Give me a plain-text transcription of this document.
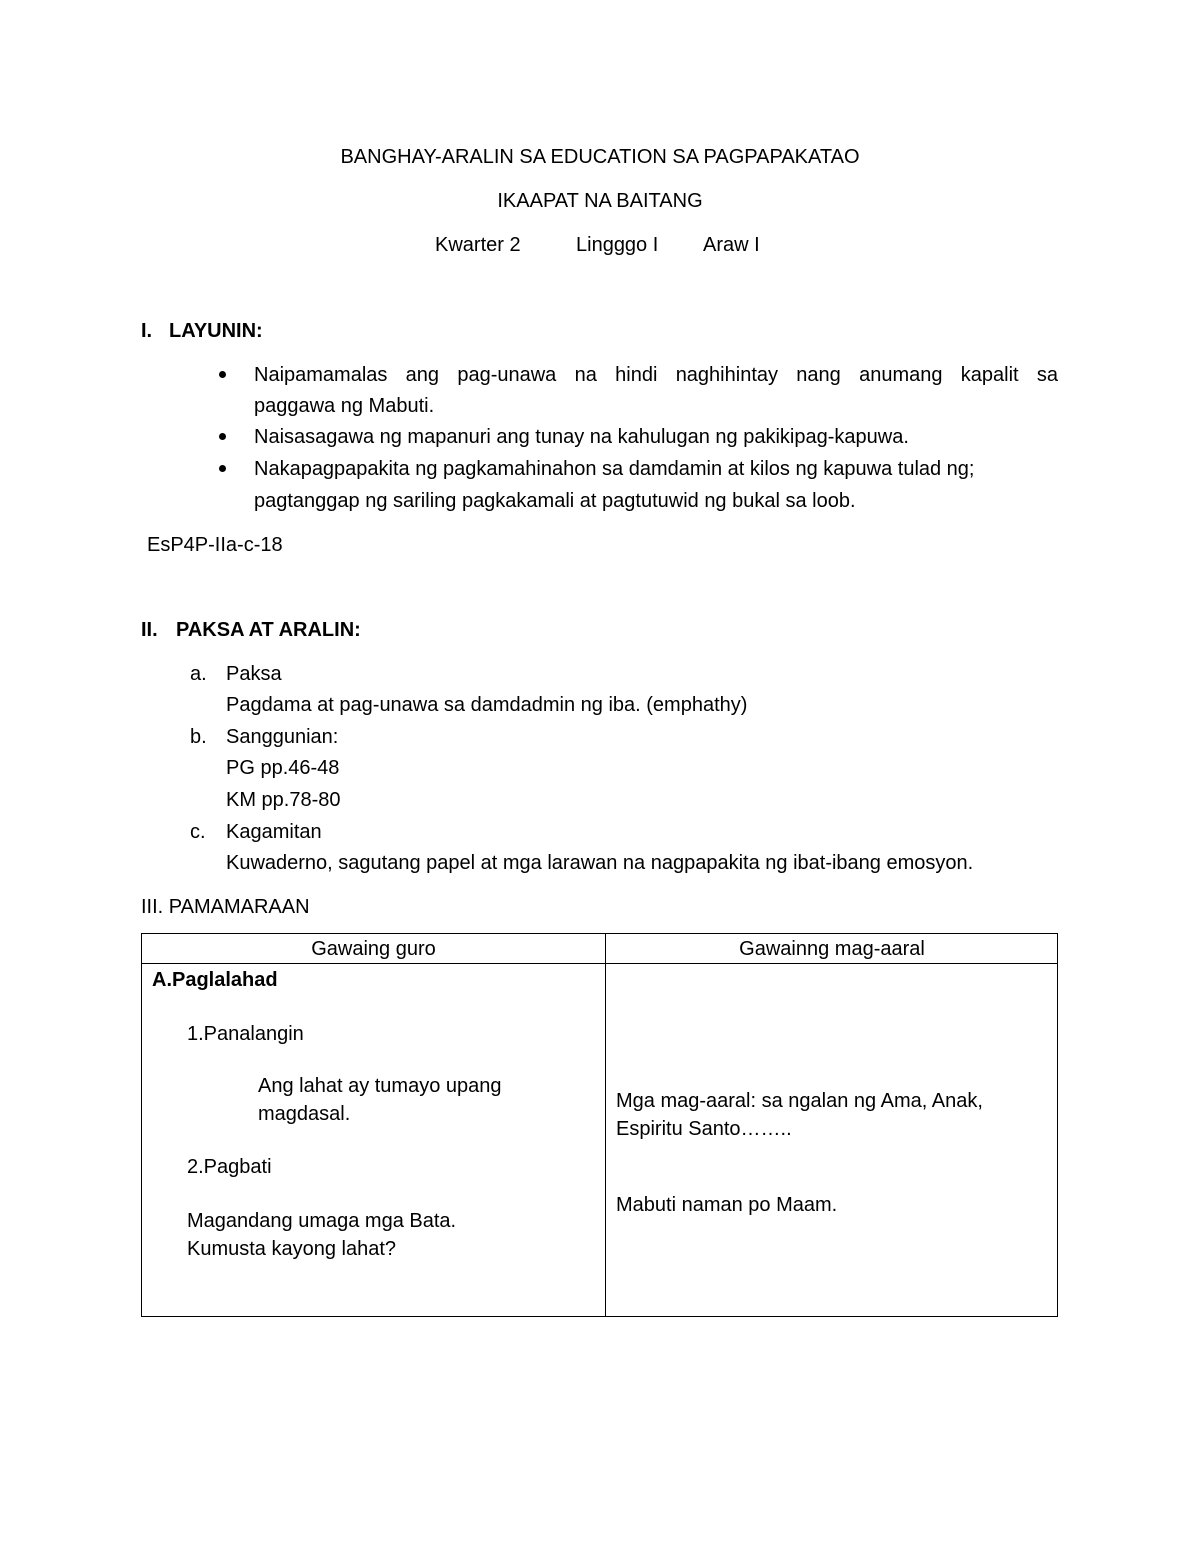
BANGHAY-ARALIN SA EDUCATION SA PAGPAPAKATAO
IKAAPAT NA BAITANG
Kwarter 2	Lingggo I Araw I
I. LAYUNIN:
Naipamamalas ang pag-unawa na hindi naghihintay nang anumang kapalit sa
paggawa ng Mabuti.
Naisasagawa ng mapanuri ang tunay na kahulugan ng pakikipag-kapuwa.
Nakapagpapakita ng pagkamahinahon sa damdamin at kilos ng kapuwa tulad ng;
pagtanggap ng sariling pagkakamali at pagtutuwid ng bukal sa loob.
EsP4P-IIa-c-18
II. PAKSA AT ARALIN:
a. Paksa
Pagdama at pag-unawa sa damdadmin ng iba. (emphathy)
b. Sanggunian:
PG pp.46-48
KM pp.78-80
c. Kagamitan
Kuwaderno, sagutang papel at mga larawan na nagpapakita ng ibat-ibang emosyon.
III. PAMAMARAAN
Gawaing guro	Gawainng mag-aaral
A.Paglalahad
1.Panalangin
Ang lahat ay tumayo upang
magdasal.
2.Pagbati
Magandang umaga mga Bata.
Kumusta kayong lahat?
Mga mag-aaral: sa ngalan ng Ama, Anak,
Espiritu Santo……..
Mabuti naman po Maam.
